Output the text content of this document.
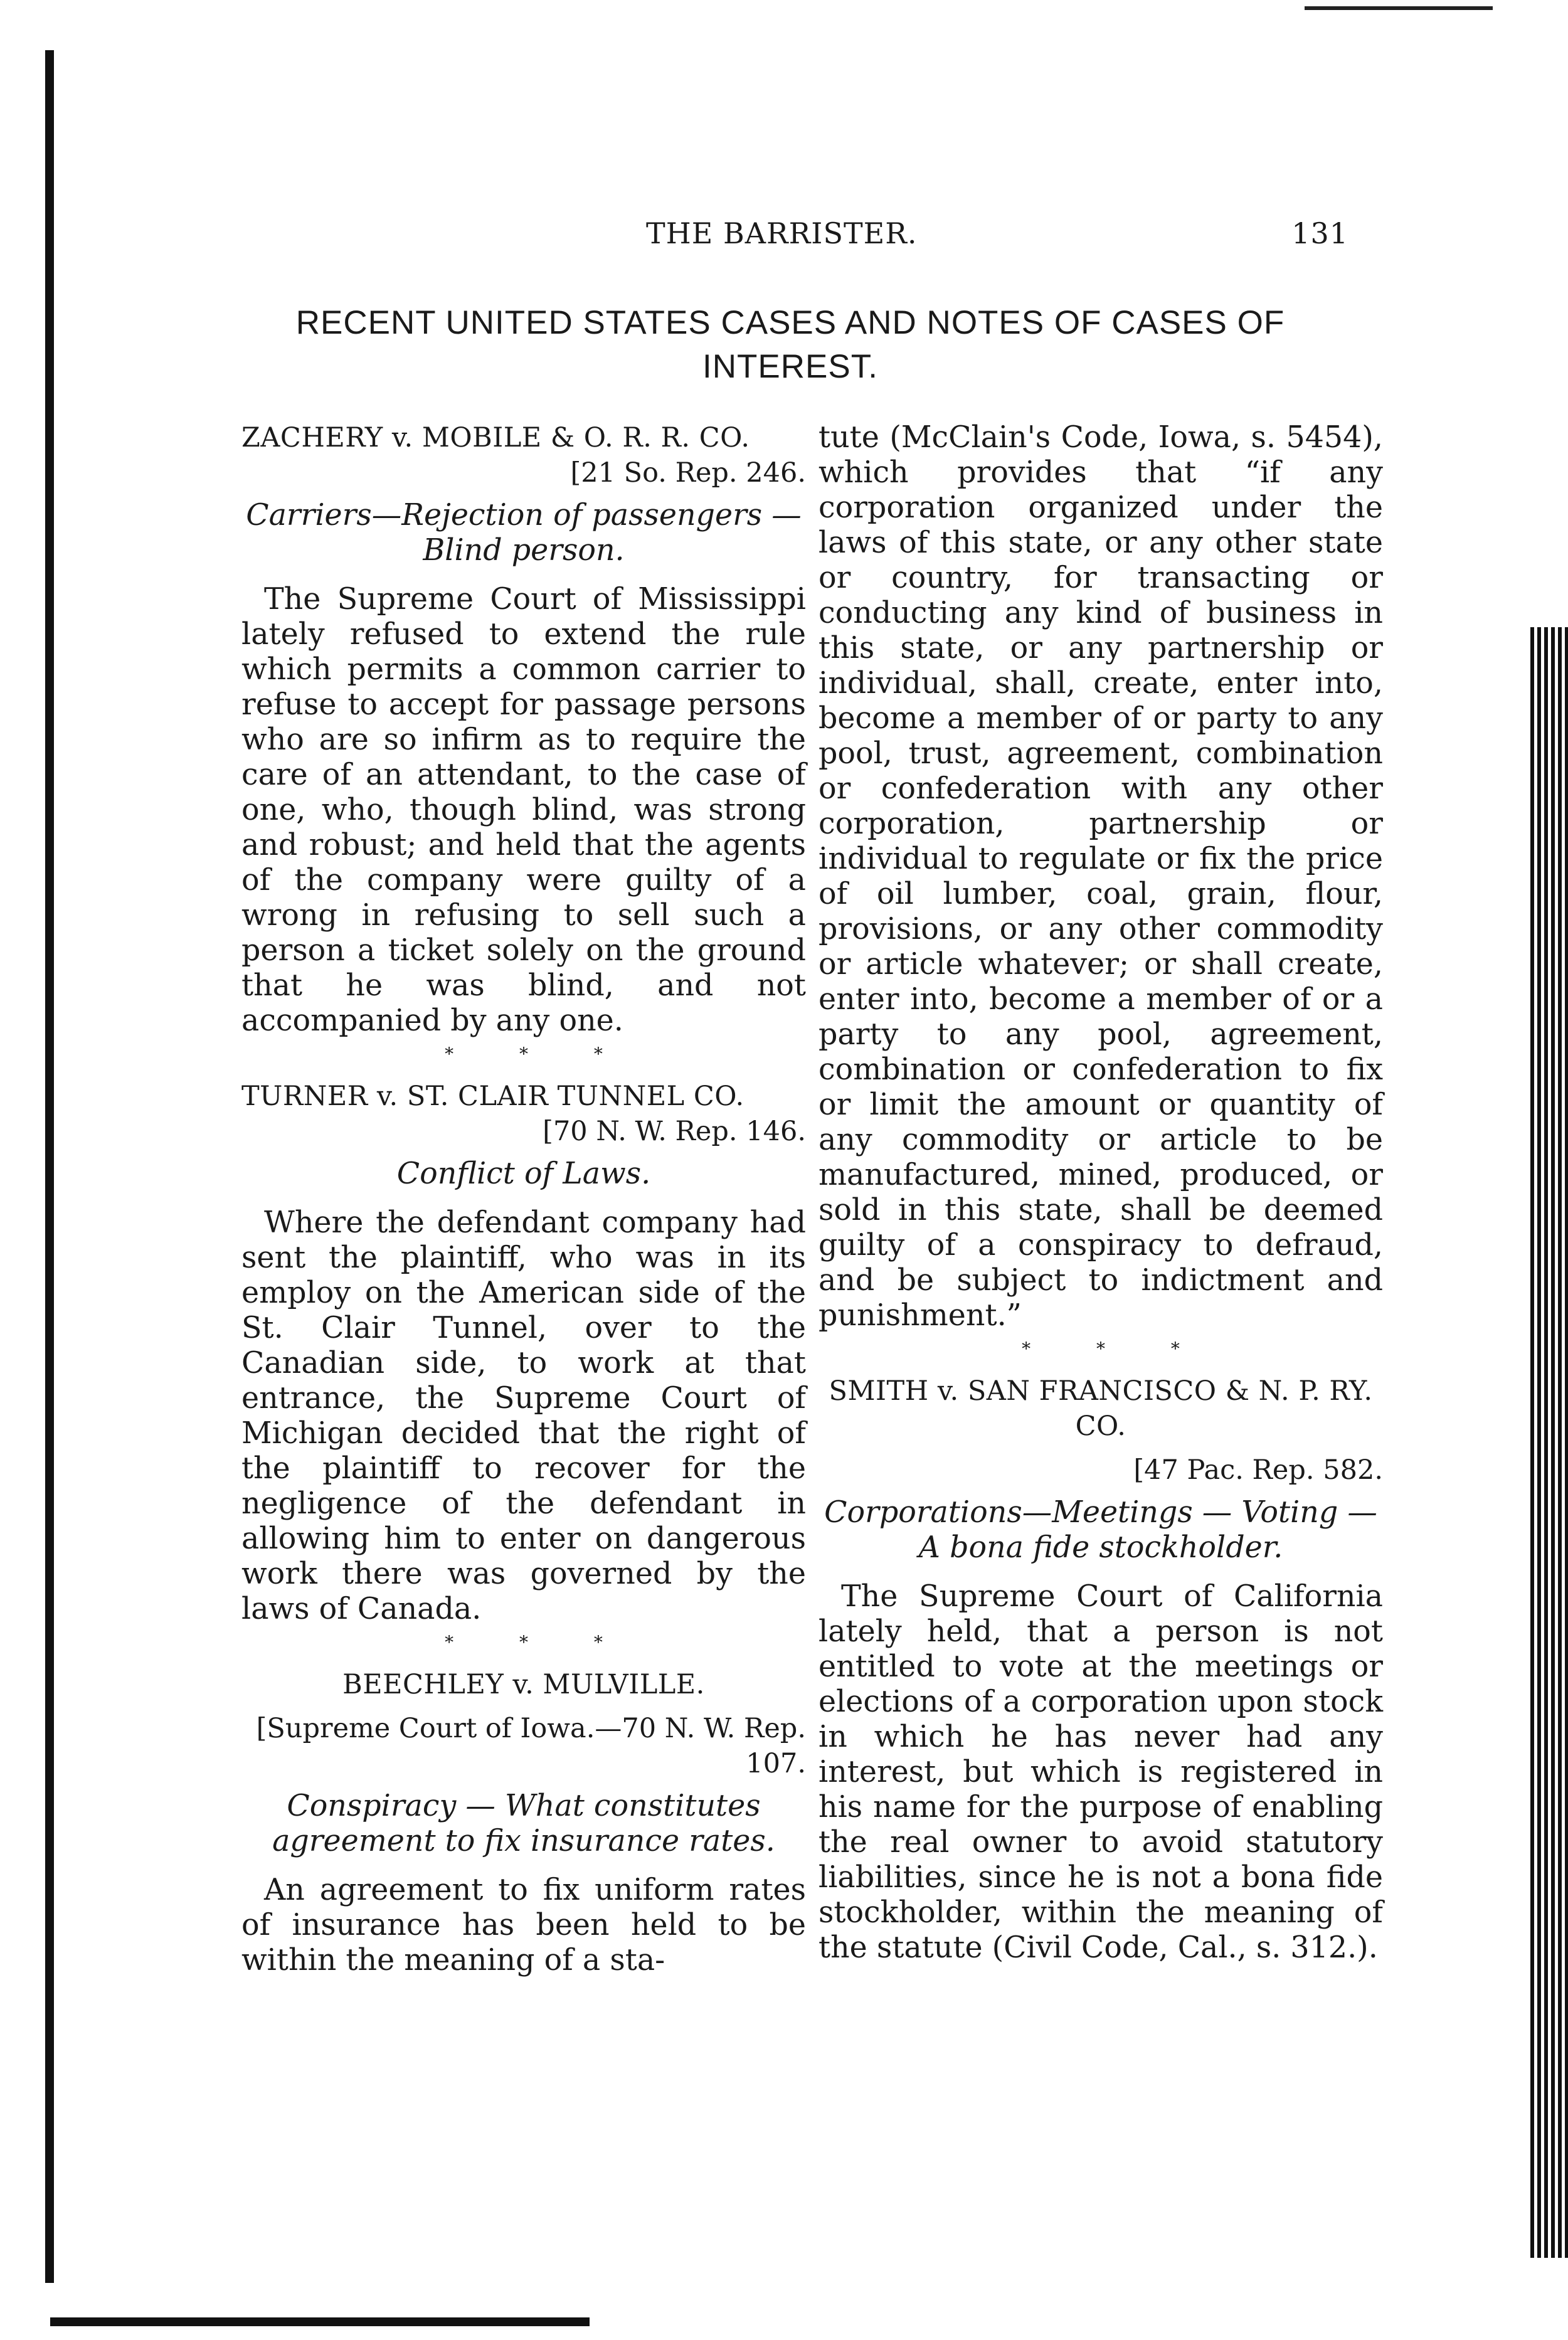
THE BARRISTER.	131
RECENT UNITED STATES CASES AND NOTES OF CASES OF INTEREST.

ZACHERY v. MOBILE & O. R. R. CO.

[21 So. Rep. 246.

Carriers—Rejection of passengers —Blind person.

The Supreme Court of Mississippi lately refused to extend the rule which permits a common carrier to refuse to accept for passage persons who are so infirm as to require the care of an attendant, to the case of one, who, though blind, was strong and robust; and held that the agents of the company were guilty of a wrong in refusing to sell such a person a ticket solely on the ground that he was blind, and not accompanied by any one.

* * *

TURNER v. ST. CLAIR TUNNEL CO.

[70 N. W. Rep. 146.

Conflict of Laws.

Where the defendant company had sent the plaintiff, who was in its employ on the American side of the St. Clair Tunnel, over to the Canadian side, to work at that entrance, the Supreme Court of Michigan decided that the right of the plaintiff to recover for the negligence of the defendant in allowing him to enter on dangerous work there was governed by the laws of Canada.

* * *

BEECHLEY v. MULVILLE.

[Supreme Court of Iowa.—70 N. W. Rep. 107.

Conspiracy — What constitutes agreement to fix insurance rates.

An agreement to fix uniform rates of insurance has been held to be within the meaning of a sta-

tute (McClain's Code, Iowa, s. 5454), which provides that “if any corporation organized under the laws of this state, or any other state or country, for transacting or conducting any kind of business in this state, or any partnership or individual, shall, create, enter into, become a member of or party to any pool, trust, agreement, combination or confederation with any other corporation, partnership or individual to regulate or fix the price of oil lumber, coal, grain, flour, provisions, or any other commodity or article whatever; or shall create, enter into, become a member of or a party to any pool, agreement, combination or confederation to fix or limit the amount or quantity of any commodity or article to be manufactured, mined, produced, or sold in this state, shall be deemed guilty of a conspiracy to defraud, and be subject to indictment and punishment.”

* * *

SMITH v. SAN FRANCISCO & N. P. RY. CO.

[47 Pac. Rep. 582.

Corporations—Meetings — Voting —A bona fide stockholder.

The Supreme Court of California lately held, that a person is not entitled to vote at the meetings or elections of a corporation upon stock in which he has never had any interest, but which is registered in his name for the purpose of enabling the real owner to avoid statutory liabilities, since he is not a bona fide stockholder, within the meaning of the statute (Civil Code, Cal., s. 312.).
